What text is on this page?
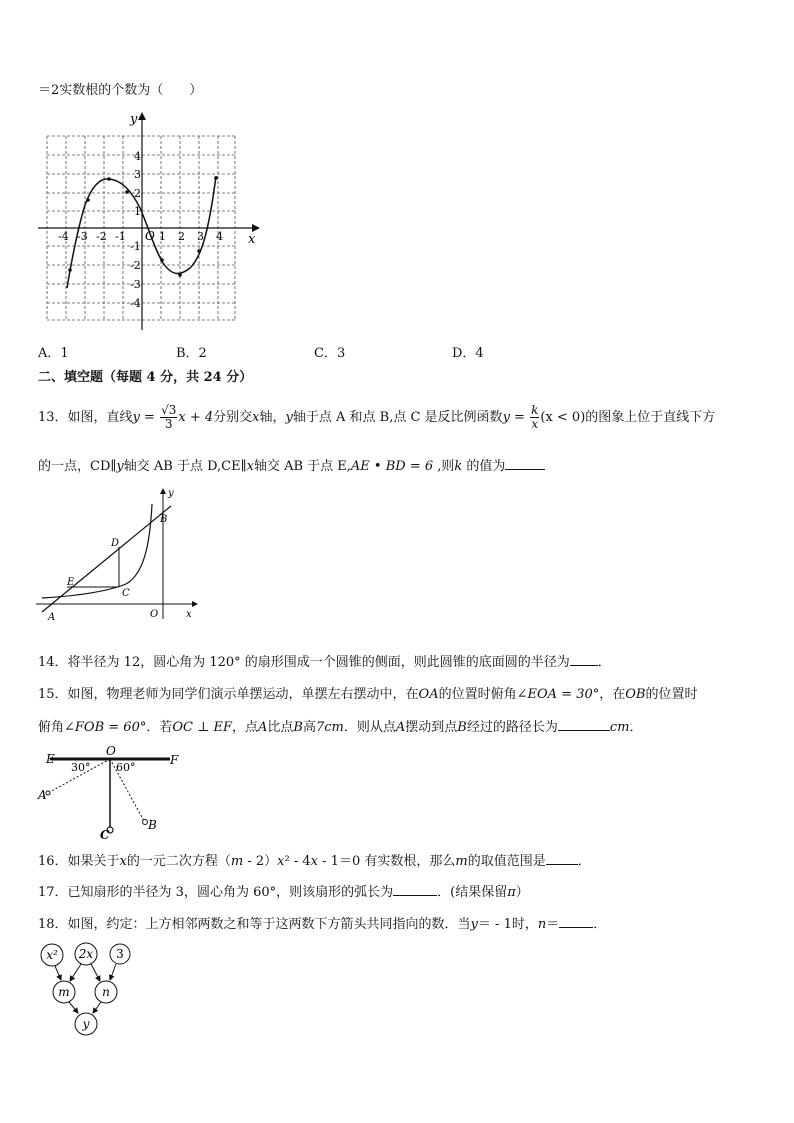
＝2实数根的个数为（　　）
y
x
O
-4 -3 -2 -1	1 2 3 4
4
3
2
1
-1
-2
-3
-4
A．1	B．2	C．3	D．4
二、填空题（每题 4 分，共 24 分）
13．如图，直线$y = \frac{√3}{3}$ x + 4分别交x轴，y轴于点 A 和点 B,点 C 是反比例函数$y = \frac{k}{x} (x < 0)$的图象上位于直线下方
的一点，CD∥y轴交 AB 于点 D,CE∥x轴交 AB 于点 E,AE • BD = 6 ,则k 的值为
y
B
D
E
C
A	O	x
14．将半径为 12，圆心角为 120° 的扇形围成一个圆锥的侧面，则此圆锥的底面圆的半径为 ．
15．如图，物理老师为同学们演示单摆运动，单摆左右摆动中，在OA的位置时俯角∠EOA = 30°，在OB的位置时
俯角∠FOB = 60°．若OC ⊥ EF，点A比点B高7cm．则从点A摆动到点B经过的路径长为	cm．
E
O
F
A
B
C
30° 60°
16．如果关于x的一元二次方程（m - 2）x² - 4x - 1＝0 有实数根，那么m的取值范围是 ．
17．已知扇形的半径为 3，圆心角为 60°，则该扇形的弧长为	．(结果保留π）
18．如图，约定：上方相邻两数之和等于这两数下方箭头共同指向的数．当y＝ - 1时，n＝	．
x² 2x 3
m	n
y
